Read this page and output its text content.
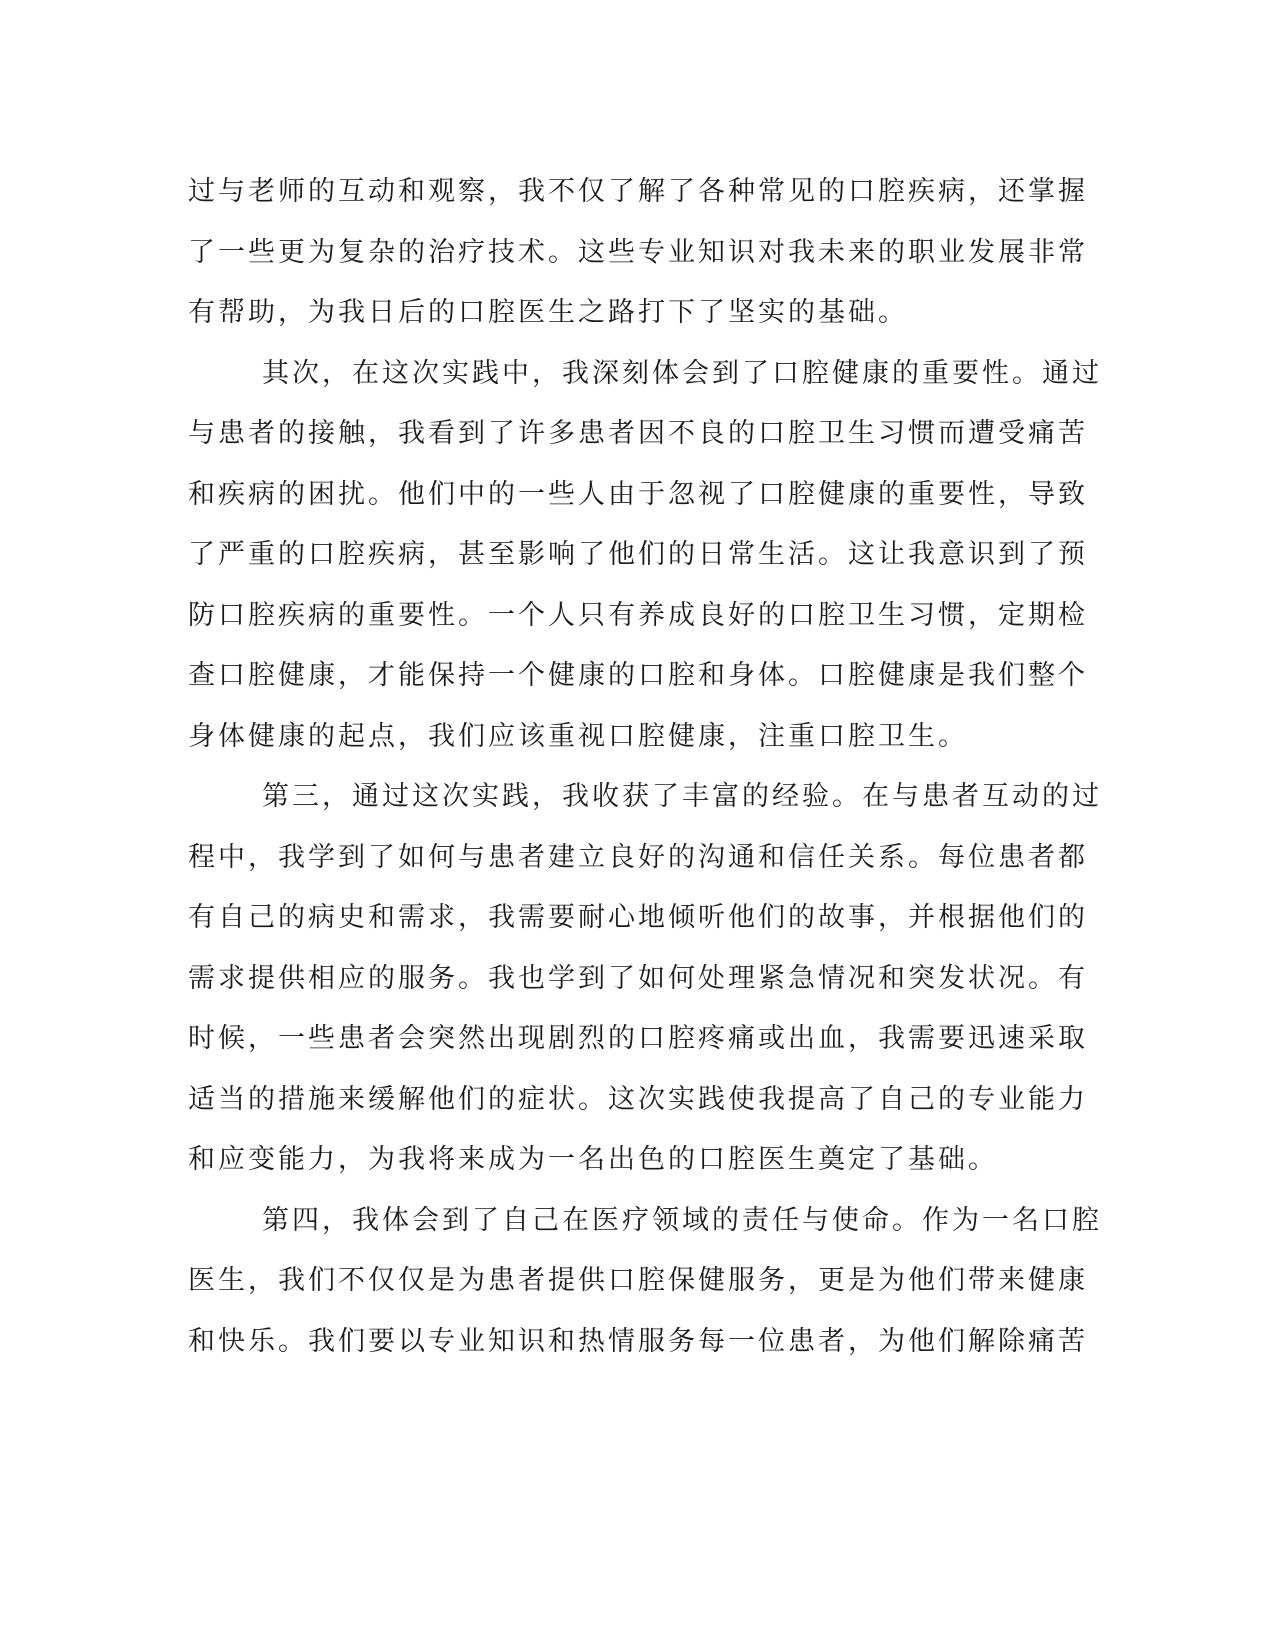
过与老师的互动和观察，我不仅了解了各种常见的口腔疾病，还掌握
了一些更为复杂的治疗技术。这些专业知识对我未来的职业发展非常
有帮助，为我日后的口腔医生之路打下了坚实的基础。
其次，在这次实践中，我深刻体会到了口腔健康的重要性。通过
与患者的接触，我看到了许多患者因不良的口腔卫生习惯而遭受痛苦
和疾病的困扰。他们中的一些人由于忽视了口腔健康的重要性，导致
了严重的口腔疾病，甚至影响了他们的日常生活。这让我意识到了预
防口腔疾病的重要性。一个人只有养成良好的口腔卫生习惯，定期检
查口腔健康，才能保持一个健康的口腔和身体。口腔健康是我们整个
身体健康的起点，我们应该重视口腔健康，注重口腔卫生。
第三，通过这次实践，我收获了丰富的经验。在与患者互动的过
程中，我学到了如何与患者建立良好的沟通和信任关系。每位患者都
有自己的病史和需求，我需要耐心地倾听他们的故事，并根据他们的
需求提供相应的服务。我也学到了如何处理紧急情况和突发状况。有
时候，一些患者会突然出现剧烈的口腔疼痛或出血，我需要迅速采取
适当的措施来缓解他们的症状。这次实践使我提高了自己的专业能力
和应变能力，为我将来成为一名出色的口腔医生奠定了基础。
第四，我体会到了自己在医疗领域的责任与使命。作为一名口腔
医生，我们不仅仅是为患者提供口腔保健服务，更是为他们带来健康
和快乐。我们要以专业知识和热情服务每一位患者，为他们解除痛苦
